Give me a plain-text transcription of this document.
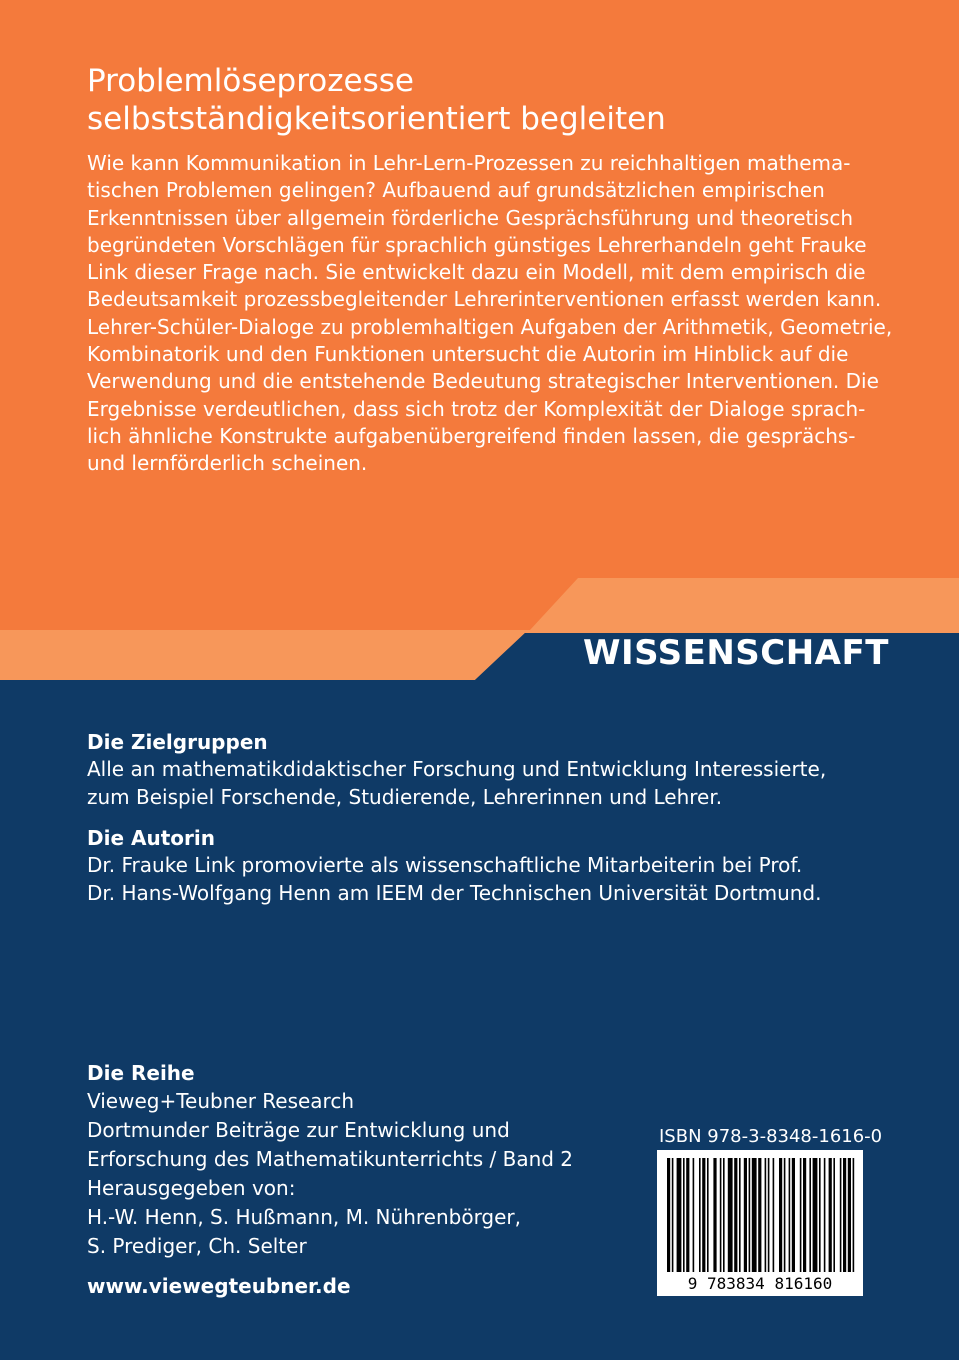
Problemlöseprozesse
selbstständigkeitsorientiert begleiten
Wie kann Kommunikation in Lehr-Lern-Prozessen zu reichhaltigen mathema-
tischen Problemen gelingen? Aufbauend auf grundsätzlichen empirischen
Erkenntnissen über allgemein förderliche Gesprächsführung und theoretisch
begründeten Vorschlägen für sprachlich günstiges Lehrerhandeln geht Frauke
Link dieser Frage nach. Sie entwickelt dazu ein Modell, mit dem empirisch die
Bedeutsamkeit prozessbegleitender Lehrerinterventionen erfasst werden kann.
Lehrer-Schüler-Dialoge zu problemhaltigen Aufgaben der Arithmetik, Geometrie,
Kombinatorik und den Funktionen untersucht die Autorin im Hinblick auf die
Verwendung und die entstehende Bedeutung strategischer Interventionen. Die
Ergebnisse verdeutlichen, dass sich trotz der Komplexität der Dialoge sprach-
lich ähnliche Konstrukte aufgabenübergreifend finden lassen, die gesprächs-
und lernförderlich scheinen.
WISSENSCHAFT
Die Zielgruppen
Alle an mathematikdidaktischer Forschung und Entwicklung Interessierte,
zum Beispiel Forschende, Studierende, Lehrerinnen und Lehrer.
Die Autorin
Dr. Frauke Link promovierte als wissenschaftliche Mitarbeiterin bei Prof.
Dr. Hans-Wolfgang Henn am IEEM der Technischen Universität Dortmund.
Die Reihe
Vieweg+Teubner Research
Dortmunder Beiträge zur Entwicklung und
Erforschung des Mathematikunterrichts / Band 2
Herausgegeben von:
H.-W. Henn, S. Hußmann, M. Nührenbörger,
S. Prediger, Ch. Selter
www.viewegteubner.de
ISBN 978-3-8348-1616-0
9 783834 816160
